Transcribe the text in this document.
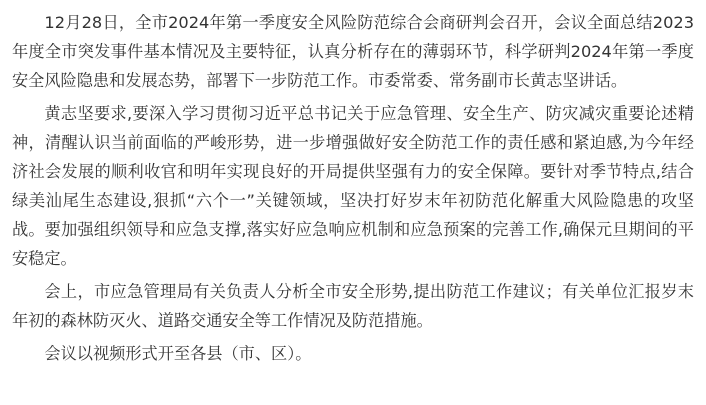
12月28日，全市2024年第一季度安全风险防范综合会商研判会召开，会议全面总结2023年度全市突发事件基本情况及主要特征，认真分析存在的薄弱环节，科学研判2024年第一季度安全风险隐患和发展态势，部署下一步防范工作。市委常委、常务副市长黄志坚讲话。

黄志坚要求,要深入学习贯彻习近平总书记关于应急管理、安全生产、防灾减灾重要论述精神，清醒认识当前面临的严峻形势，进一步增强做好安全防范工作的责任感和紧迫感,为今年经济社会发展的顺利收官和明年实现良好的开局提供坚强有力的安全保障。要针对季节特点,结合绿美汕尾生态建设,狠抓“六个一”关键领域，坚决打好岁末年初防范化解重大风险隐患的攻坚战。要加强组织领导和应急支撑,落实好应急响应机制和应急预案的完善工作,确保元旦期间的平安稳定。

会上，市应急管理局有关负责人分析全市安全形势,提出防范工作建议；有关单位汇报岁末年初的森林防灭火、道路交通安全等工作情况及防范措施。

会议以视频形式开至各县（市、区）。
